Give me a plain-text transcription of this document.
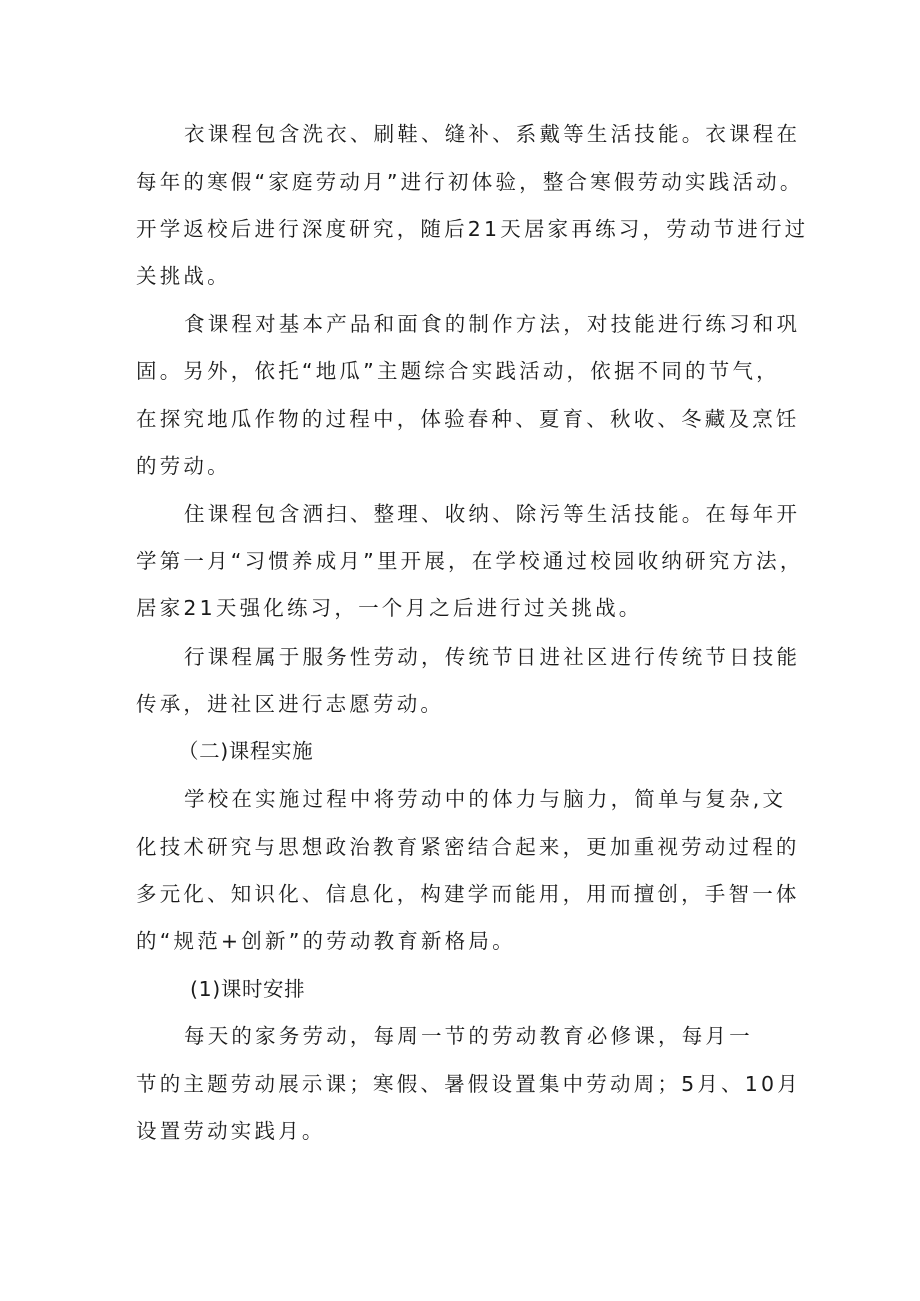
衣课程包含洗衣、刷鞋、缝补、系戴等生活技能。衣课程在
每年的寒假“家庭劳动月”进行初体验，整合寒假劳动实践活动。
开学返校后进行深度研究，随后21天居家再练习，劳动节进行过
关挑战。
食课程对基本产品和面食的制作方法，对技能进行练习和巩
固。另外，依托“地瓜”主题综合实践活动，依据不同的节气，
在探究地瓜作物的过程中，体验春种、夏育、秋收、冬藏及烹饪
的劳动。
住课程包含洒扫、整理、收纳、除污等生活技能。在每年开
学第一月“习惯养成月”里开展，在学校通过校园收纳研究方法，
居家21天强化练习，一个月之后进行过关挑战。
行课程属于服务性劳动，传统节日进社区进行传统节日技能
传承，进社区进行志愿劳动。
（二)课程实施
学校在实施过程中将劳动中的体力与脑力，简单与复杂,文
化技术研究与思想政治教育紧密结合起来，更加重视劳动过程的
多元化、知识化、信息化，构建学而能用，用而擅创，手智一体
的“规范+创新”的劳动教育新格局。
(1)课时安排
每天的家务劳动，每周一节的劳动教育必修课，每月一
节的主题劳动展示课；寒假、暑假设置集中劳动周；5月、10月
设置劳动实践月。
